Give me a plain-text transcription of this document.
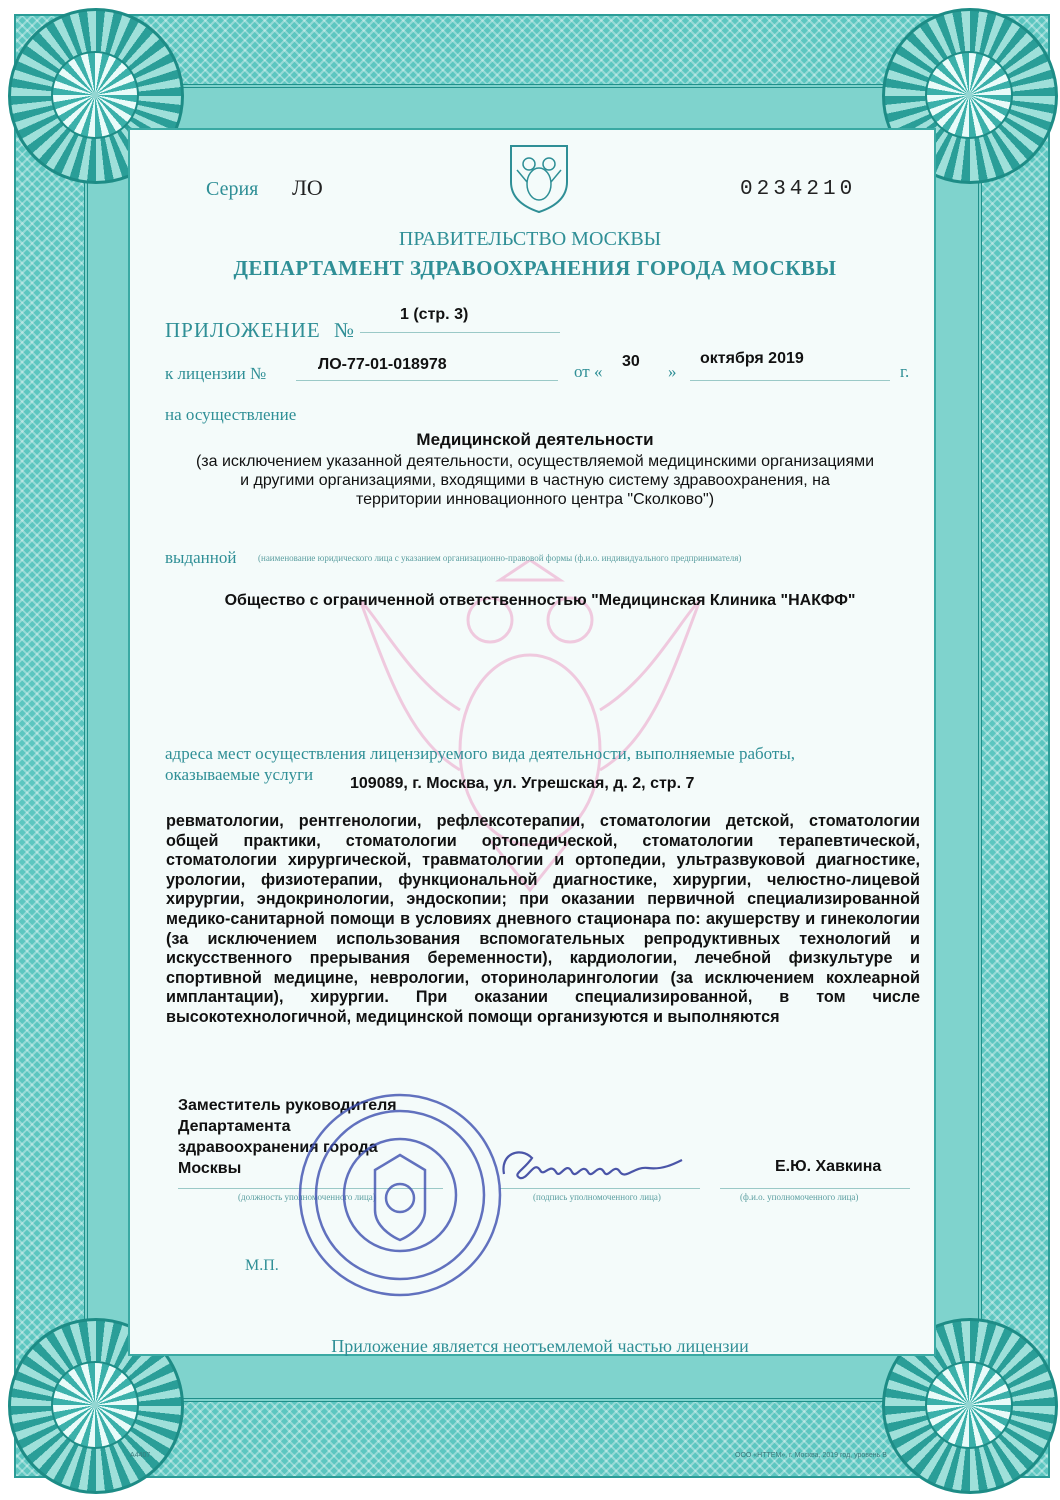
Серия ЛО	0234210
ПРАВИТЕЛЬСТВО МОСКВЫ
ДЕПАРТАМЕНТ ЗДРАВООХРАНЕНИЯ ГОРОДА МОСКВЫ
ПРИЛОЖЕНИЕ №
1 (стр. 3)
к лицензии №	ЛО-77-01-018978	от «
30
»
октября 2019
г.
на осуществление
Медицинской деятельности
(за исключением указанной деятельности, осуществляемой медицинскими организациями
и другими организациями, входящими в частную систему здравоохранения, на
территории инновационного центра "Сколково")
выданной (наименование юридического лица с указанием организационно-правовой формы (ф.и.о. индивидуального предпринимателя)
Общество с ограниченной ответственностью "Медицинская Клиника "НАКФФ"
адреса мест осуществления лицензируемого вида деятельности, выполняемые работы,
оказываемые услуги 109089, г. Москва, ул. Угрешская, д. 2, стр. 7
ревматологии, рентгенологии, рефлексотерапии, стоматологии детской, стоматологии общей практики, стоматологии ортопедической, стоматологии терапевтической, стоматологии хирургической, травматологии и ортопедии, ультразвуковой диагностике, урологии, физиотерапии, функциональной диагностике, хирургии, челюстно-лицевой хирургии, эндокринологии, эндоскопии; при оказании первичной специализированной медико-санитарной помощи в условиях дневного стационара по: акушерству и гинекологии (за исключением использования вспомогательных репродуктивных технологий и искусственного прерывания беременности), кардиологии, лечебной физкультуре и спортивной медицине, неврологии, оториноларингологии (за исключением кохлеарной имплантации), хирургии. При оказании специализированной, в том числе высокотехнологичной, медицинской помощи организуются и выполняются
Заместитель руководителя
Департамента
здравоохранения города
Москвы	Е.Ю. Хавкина
(должность уполномоченного лица)	(подпись уполномоченного лица)	(ф.и.о. уполномоченного лица)
М.П.
Приложение является неотъемлемой частью лицензии
А4407	ООО «НТТЕМ», г. Москва, 2019 год, уровень В
